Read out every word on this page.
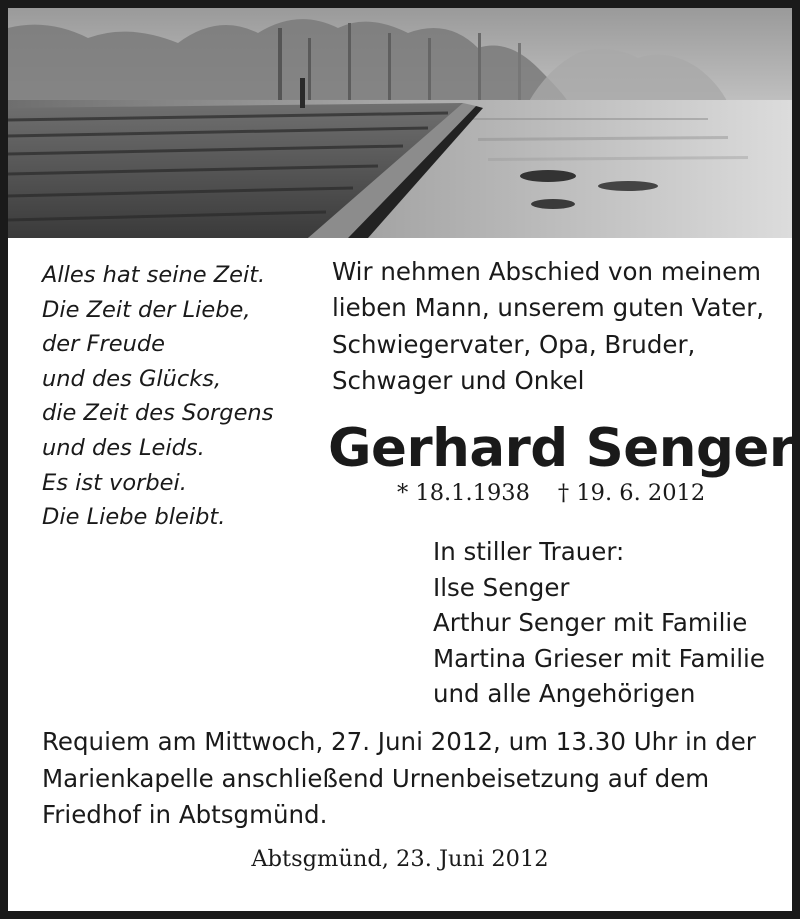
Alles hat seine Zeit.
Die Zeit der Liebe,
der Freude
und des Glücks,
die Zeit des Sorgens
und des Leids.
Es ist vorbei.
Die Liebe bleibt.
Wir nehmen Abschied von meinem
lieben Mann, unserem guten Vater,
Schwiegervater, Opa, Bruder,
Schwager und Onkel
Gerhard Senger
* 18.1.1938 † 19. 6. 2012
In stiller Trauer:
Ilse Senger
Arthur Senger mit Familie
Martina Grieser mit Familie
und alle Angehörigen
Requiem am Mittwoch, 27. Juni 2012, um 13.30 Uhr in der
Marienkapelle anschließend Urnenbeisetzung auf dem
Friedhof in Abtsgmünd.
Abtsgmünd, 23. Juni 2012
